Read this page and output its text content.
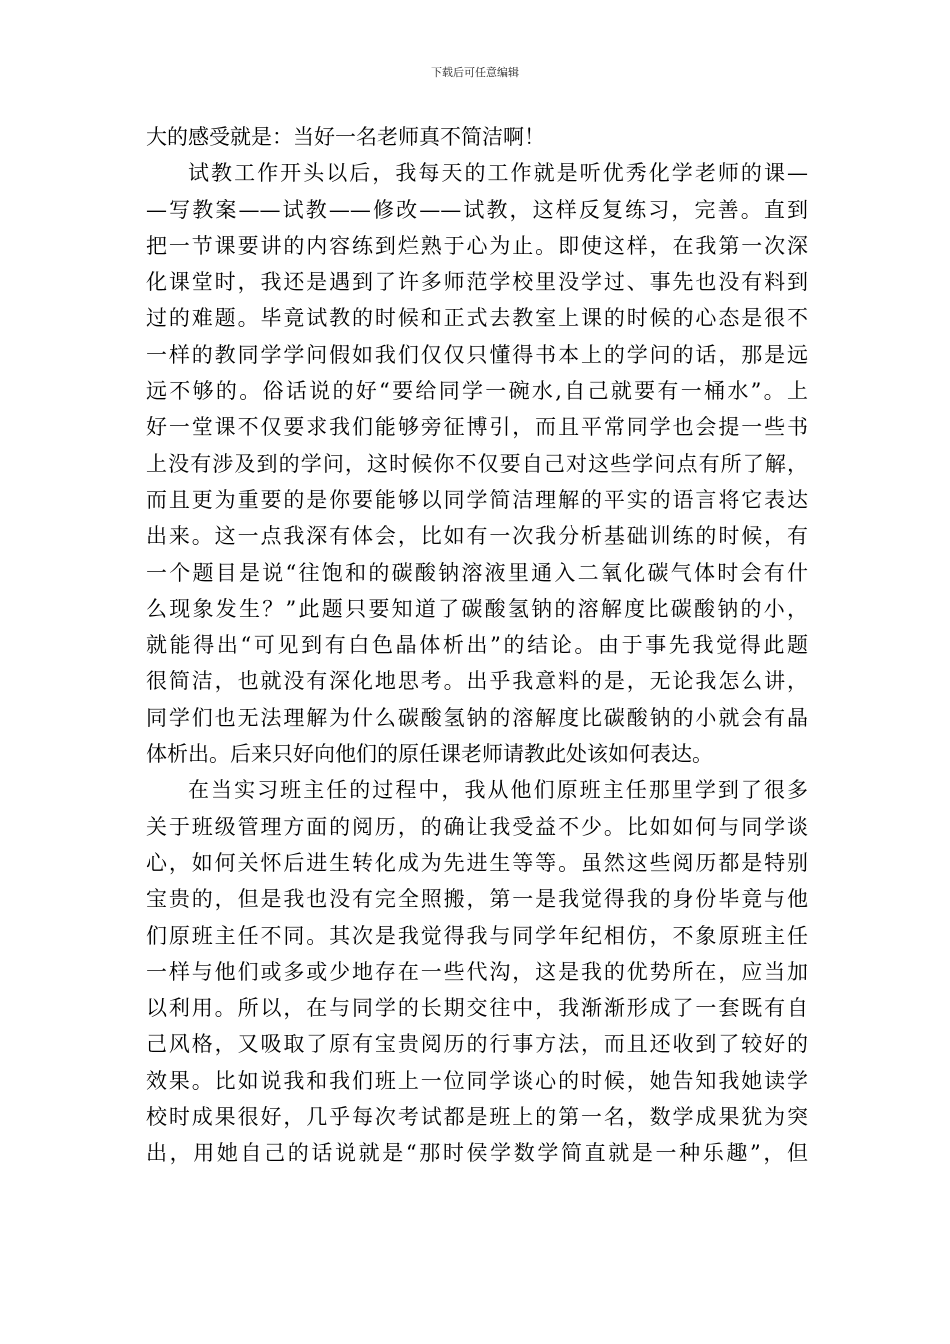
下载后可任意编辑
大的感受就是：当好一名老师真不简洁啊！
试教工作开头以后，我每天的工作就是听优秀化学老师的课—
—写教案——试教——修改——试教，这样反复练习，完善。直到
把一节课要讲的内容练到烂熟于心为止。即使这样，在我第一次深
化课堂时，我还是遇到了许多师范学校里没学过、事先也没有料到
过的难题。毕竟试教的时候和正式去教室上课的时候的心态是很不
一样的教同学学问假如我们仅仅只懂得书本上的学问的话，那是远
远不够的。俗话说的好“要给同学一碗水,自己就要有一桶水”。上
好一堂课不仅要求我们能够旁征博引，而且平常同学也会提一些书
上没有涉及到的学问，这时候你不仅要自己对这些学问点有所了解，
而且更为重要的是你要能够以同学简洁理解的平实的语言将它表达
出来。这一点我深有体会，比如有一次我分析基础训练的时候，有
一个题目是说“往饱和的碳酸钠溶液里通入二氧化碳气体时会有什
么现象发生？”此题只要知道了碳酸氢钠的溶解度比碳酸钠的小，
就能得出“可见到有白色晶体析出”的结论。由于事先我觉得此题
很简洁，也就没有深化地思考。出乎我意料的是，无论我怎么讲，
同学们也无法理解为什么碳酸氢钠的溶解度比碳酸钠的小就会有晶
体析出。后来只好向他们的原任课老师请教此处该如何表达。
在当实习班主任的过程中，我从他们原班主任那里学到了很多
关于班级管理方面的阅历，的确让我受益不少。比如如何与同学谈
心，如何关怀后进生转化成为先进生等等。虽然这些阅历都是特别
宝贵的，但是我也没有完全照搬，第一是我觉得我的身份毕竟与他
们原班主任不同。其次是我觉得我与同学年纪相仿，不象原班主任
一样与他们或多或少地存在一些代沟，这是我的优势所在，应当加
以利用。所以，在与同学的长期交往中，我渐渐形成了一套既有自
己风格，又吸取了原有宝贵阅历的行事方法，而且还收到了较好的
效果。比如说我和我们班上一位同学谈心的时候，她告知我她读学
校时成果很好，几乎每次考试都是班上的第一名，数学成果犹为突
出，用她自己的话说就是“那时侯学数学简直就是一种乐趣”，但
